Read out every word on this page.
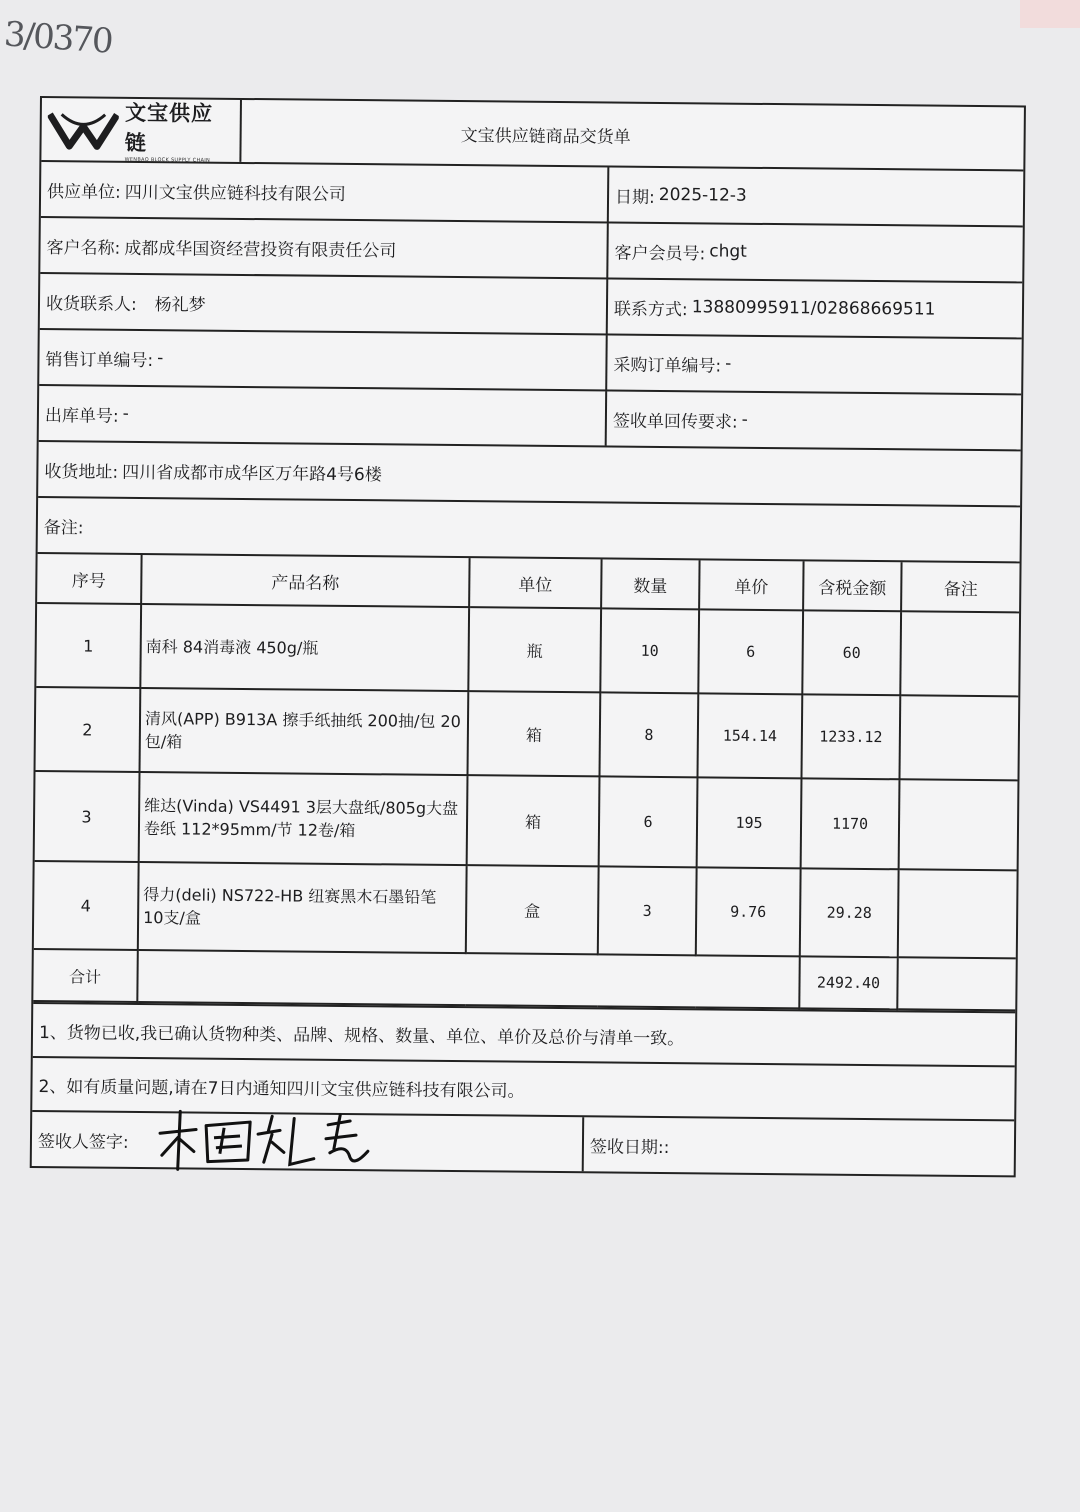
3/0370
文宝供应链
WENBAO BLOCK SUPPLY CHAIN
文宝供应链商品交货单
供应单位: 四川文宝供应链科技有限公司	日期: 2025-12-3
客户名称: 成都成华国资经营投资有限责任公司	客户会员号: chgt
收货联系人: 杨礼梦	联系方式: 13880995911/02868669511
销售订单编号: -	采购订单编号: -
出库单号: -	签收单回传要求: -
收货地址: 四川省成都市成华区万年路4号6楼
备注:
序号	产品名称	单位	数量	单价	含税金额	备注
1	南科 84消毒液 450g/瓶	瓶	10	6	60	
2	清风(APP) B913A 擦手纸抽纸 200抽/包 20包/箱	箱	8	154.14	1233.12	
3	维达(Vinda) VS4491 3层大盘纸/805g大盘卷纸 112*95mm/节 12卷/箱	箱	6	195	1170	
4	得力(deli) NS722-HB 纽赛黑木石墨铅笔 10支/盒	盒	3	9.76	29.28	
合计					2492.40	
1、货物已收,我已确认货物种类、品牌、规格、数量、单位、单价及总价与清单一致。
2、如有质量问题,请在7日内通知四川文宝供应链科技有限公司。
签收人签字:	签收日期::
